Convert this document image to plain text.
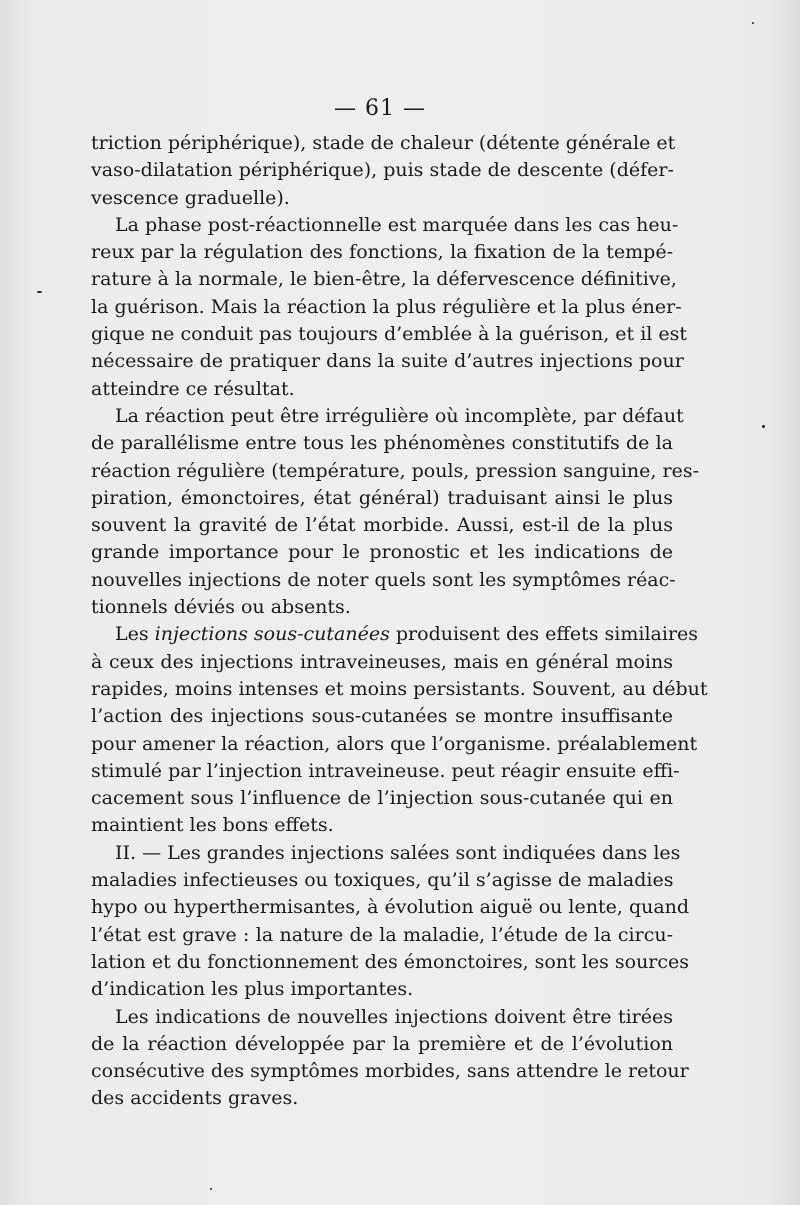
— 61 —
triction périphérique), stade de chaleur (détente générale et
vaso-dilatation périphérique), puis stade de descente (défer-
vescence graduelle).
La phase post-réactionnelle est marquée dans les cas heu-
reux par la régulation des fonctions, la fixation de la tempé-
rature à la normale, le bien-être, la défervescence définitive,
la guérison. Mais la réaction la plus régulière et la plus éner-
gique ne conduit pas toujours d’emblée à la guérison, et il est
nécessaire de pratiquer dans la suite d’autres injections pour
atteindre ce résultat.
La réaction peut être irrégulière où incomplète, par défaut
de parallélisme entre tous les phénomènes constitutifs de la
réaction régulière (température, pouls, pression sanguine, res-
piration, émonctoires, état général) traduisant ainsi le plus
souvent la gravité de l’état morbide. Aussi, est-il de la plus
grande importance pour le pronostic et les indications de
nouvelles injections de noter quels sont les symptômes réac-
tionnels déviés ou absents.
Les injections sous-cutanées produisent des effets similaires
à ceux des injections intraveineuses, mais en général moins
rapides, moins intenses et moins persistants. Souvent, au début
l’action des injections sous-cutanées se montre insuffisante
pour amener la réaction, alors que l’organisme. préalablement
stimulé par l’injection intraveineuse. peut réagir ensuite effi-
cacement sous l’influence de l’injection sous-cutanée qui en
maintient les bons effets.
II. — Les grandes injections salées sont indiquées dans les
maladies infectieuses ou toxiques, qu’il s’agisse de maladies
hypo ou hyperthermisantes, à évolution aiguë ou lente, quand
l’état est grave : la nature de la maladie, l’étude de la circu-
lation et du fonctionnement des émonctoires, sont les sources
d’indication les plus importantes.
Les indications de nouvelles injections doivent être tirées
de la réaction développée par la première et de l’évolution
consécutive des symptômes morbides, sans attendre le retour
des accidents graves.
